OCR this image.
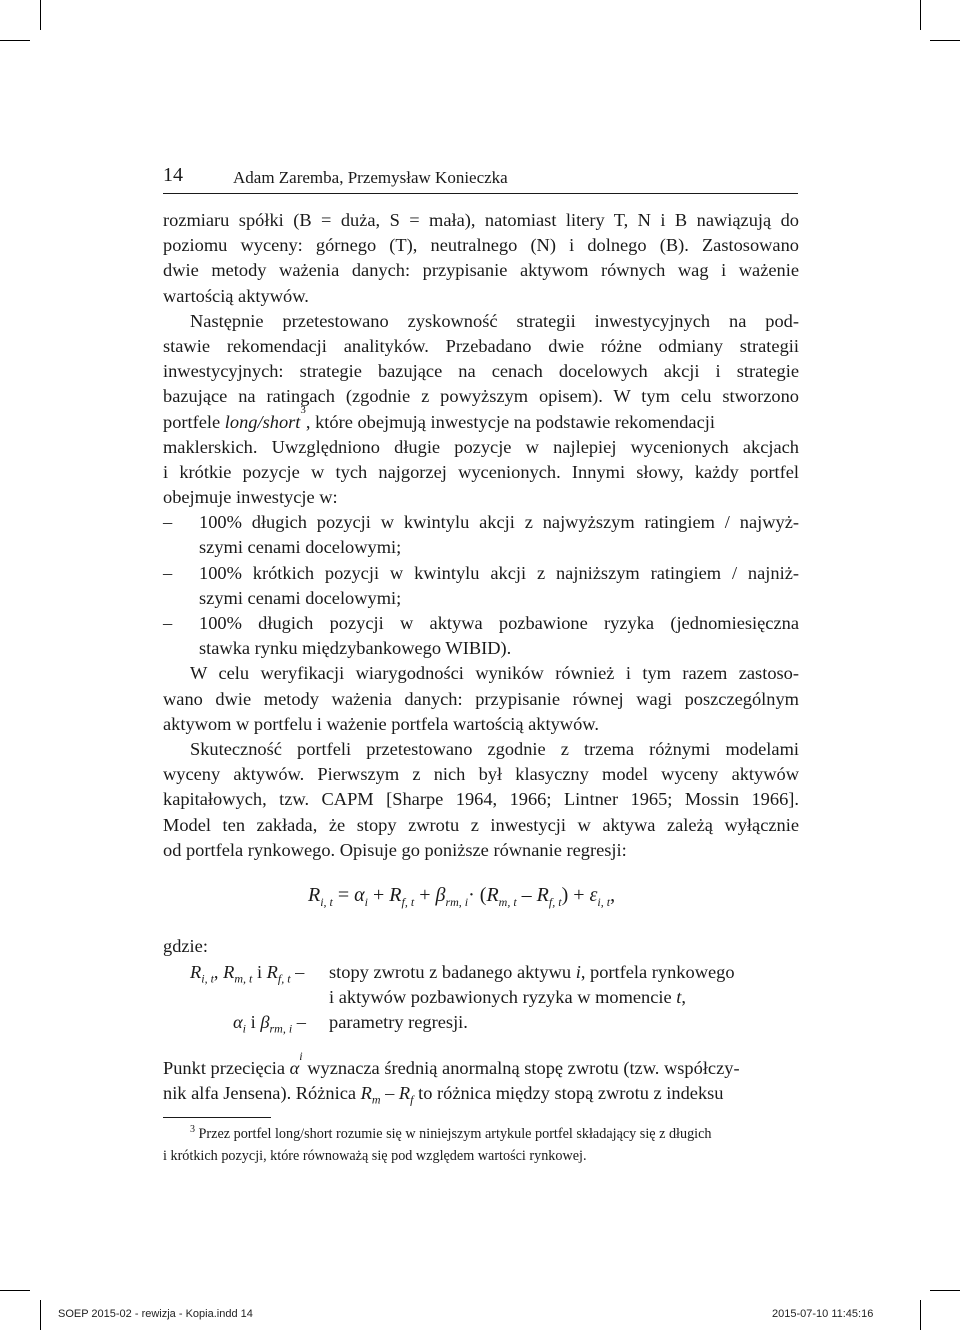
14	Adam Zaremba, Przemysław Konieczka
rozmiaru spółki (B = duża, S = mała), natomiast litery T, N i B nawiązują do
poziomu wyceny: górnego (T), neutralnego (N) i dolnego (B). Zastosowano
dwie metody ważenia danych: przypisanie aktywom równych wag i ważenie
wartością aktywów.
Następnie przetestowano zyskowność strategii inwestycyjnych na pod-
stawie rekomendacji analityków. Przebadano dwie różne odmiany strategii
inwestycyjnych: strategie bazujące na cenach docelowych akcji i strategie
bazujące na ratingach (zgodnie z powyższym opisem). W tym celu stworzono
portfele long/short
3
, które obejmują inwestycje na podstawie rekomendacji
maklerskich. Uwzględniono długie pozycje w najlepiej wycenionych akcjach
i krótkie pozycje w tych najgorzej wycenionych. Innymi słowy, każdy portfel
obejmuje inwestycje w:
– 100% długich pozycji w kwintylu akcji z najwyższym ratingiem / najwyż-
szymi cenami docelowymi;
– 100% krótkich pozycji w kwintylu akcji z najniższym ratingiem / najniż-
szymi cenami docelowymi;
– 100% długich pozycji w aktywa pozbawione ryzyka (jednomiesięczna
stawka rynku międzybankowego WIBID).
W celu weryfikacji wiarygodności wyników również i tym razem zastoso-
wano dwie metody ważenia danych: przypisanie równej wagi poszczególnym
aktywom w portfelu i ważenie portfela wartością aktywów.
Skuteczność portfeli przetestowano zgodnie z trzema różnymi modelami
wyceny aktywów. Pierwszym z nich był klasyczny model wyceny aktywów
kapitałowych, tzw. CAPM [Sharpe 1964, 1966; Lintner 1965; Mossin 1966].
Model ten zakłada, że stopy zwrotu z inwestycji w aktywa zależą wyłącznie
od portfela rynkowego. Opisuje go poniższe równanie regresji:
$R_{i, t} = \alpha_i + R_{f, t} + \beta_{rm, i}\cdot (R_{m, t} - R_{f, t}) + \varepsilon_{i, t}$,
gdzie:
$R_{i, t}$, $R_{m, t}$ i $R_{f, t}$ – stopy zwrotu z badanego aktywu i, portfela rynkowego
i aktywów pozbawionych ryzyka w momencie t,
$\alpha_i$ i $\beta_{rm, i}$ – parametry regresji.
Punkt przecięcia α
i
wyznacza średnią anormalną stopę zwrotu (tzw. współczy-
nik alfa Jensena). Różnica $R_m - R_f$ to różnica między stopą zwrotu z indeksu
$^3$ Przez portfel long/short rozumie się w niniejszym artykule portfel składający się z długich
i krótkich pozycji, które równoważą się pod względem wartości rynkowej.
SOEP 2015-02 - rewizja - Kopia.indd 14	2015-07-10 11:45:16
